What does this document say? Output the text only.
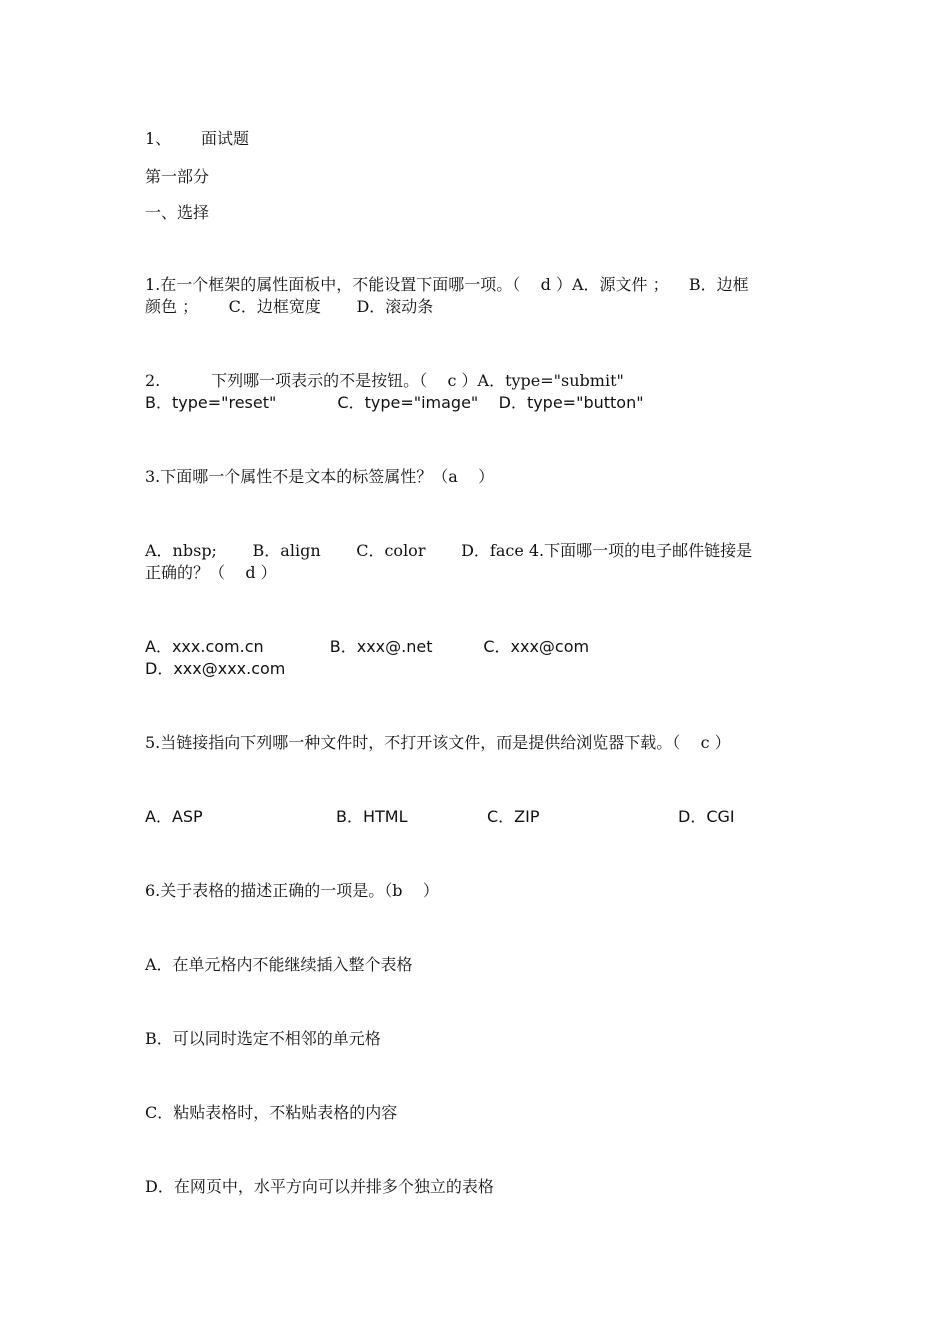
1、 面试题
第一部分
一、选择
1.在一个框架的属性面板中，不能设置下面哪一项。（    d ）A．源文件 ；    B．边框
颜色 ；      C．边框宽度       D．滚动条
2.          下列哪一项表示的不是按钮。（    c ）A．type="submit"
B．type="reset"            C．type="image"    D．type="button"
3.下面哪一个属性不是文本的标签属性？（a    ）
A．nbsp;       B．align       C．color       D．face 4.下面哪一项的电子邮件链接是
正确的？（    d ）
A．xxx.com.cn             B．xxx@.net          C．xxx@com
D．xxx@xxx.com
5.当链接指向下列哪一种文件时，不打开该文件，而是提供给浏览器下载。（    c ）
A．ASP	B．HTML	C．ZIP	D．CGI
6.关于表格的描述正确的一项是。（b    ）
A．在单元格内不能继续插入整个表格
B．可以同时选定不相邻的单元格
C．粘贴表格时，不粘贴表格的内容
D．在网页中，水平方向可以并排多个独立的表格
